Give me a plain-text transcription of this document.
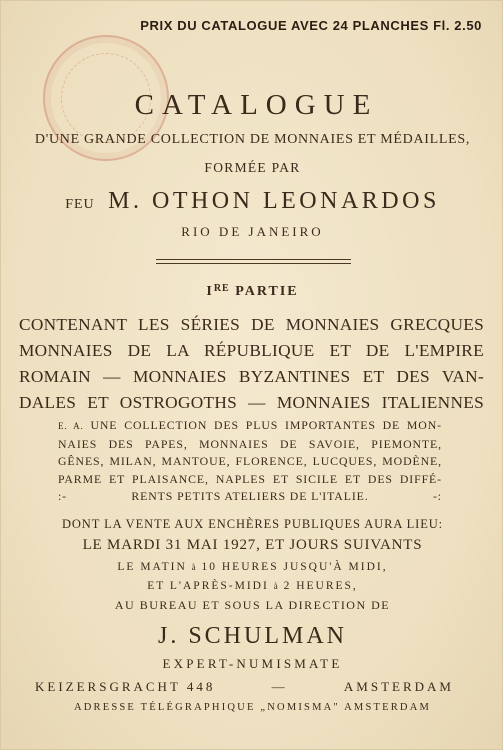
PRIX DU CATALOGUE AVEC 24 PLANCHES Fl. 2.50
CATALOGUE
D'UNE GRANDE COLLECTION DE MONNAIES ET MÉDAILLES,
FORMÉE PAR
FEU M. OTHON LEONARDOS
RIO DE JANEIRO
IRE PARTIE
CONTENANT LES SÉRIES DE MONNAIES GRECQUES
MONNAIES DE LA RÉPUBLIQUE ET DE L'EMPIRE
ROMAIN — MONNAIES BYZANTINES ET DES VAN-
DALES ET OSTROGOTHS — MONNAIES ITALIENNES
E. A. UNE COLLECTION DES PLUS IMPORTANTES DE MON-
NAIES DES PAPES, MONNAIES DE SAVOIE, PIEMONTE,
GÊNES, MILAN, MANTOUE, FLORENCE, LUCQUES, MODÈNE,
PARME ET PLAISANCE, NAPLES ET SICILE ET DES DIFFÉ-
:-	RENTS PETITS ATELIERS DE L'ITALIE.	-:
DONT LA VENTE AUX ENCHÈRES PUBLIQUES AURA LIEU:
LE MARDI 31 MAI 1927, ET JOURS SUIVANTS
LE MATIN à 10 HEURES JUSQU'À MIDI,
ET L'APRÈS-MIDI à 2 HEURES,
AU BUREAU ET SOUS LA DIRECTION DE
J. SCHULMAN
EXPERT-NUMISMATE
KEIZERSGRACHT 448	—	AMSTERDAM
ADRESSE TÉLÉGRAPHIQUE „NOMISMA" AMSTERDAM
